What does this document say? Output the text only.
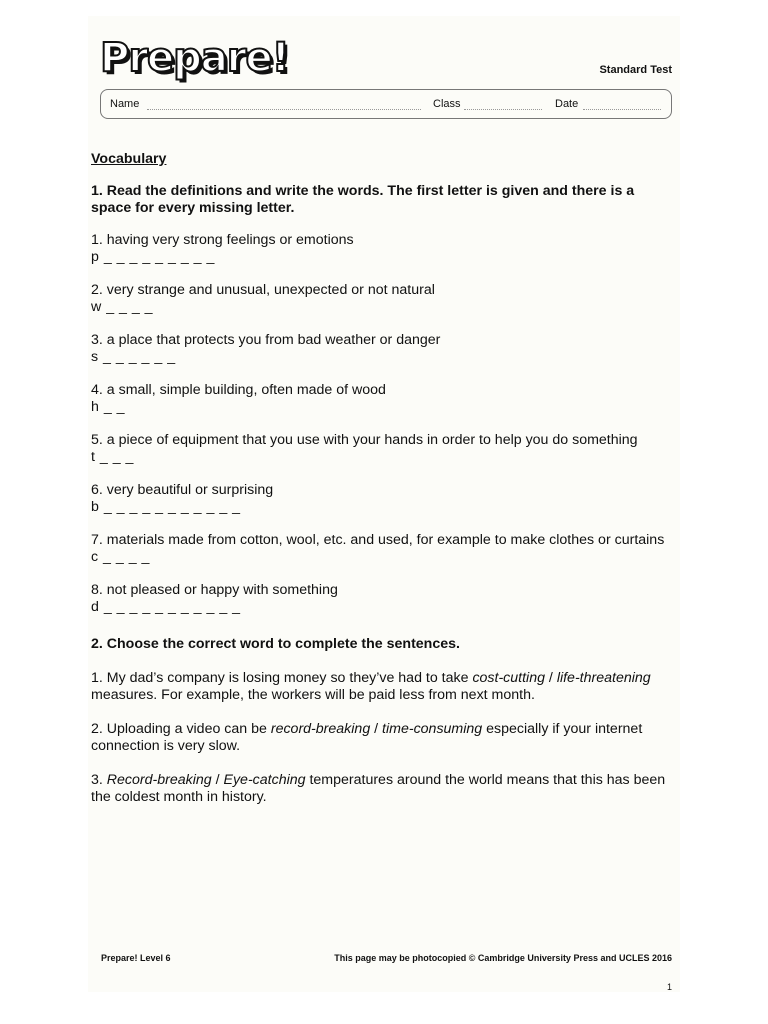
Prepare!	Standard Test
Name	Class	Date
Vocabulary
1. Read the definitions and write the words. The first letter is given and there is a space for every missing letter.
1. having very strong feelings or emotions
p _ _ _ _ _ _ _ _ _
2. very strange and unusual, unexpected or not natural
w _ _ _ _
3. a place that protects you from bad weather or danger
s _ _ _ _ _ _
4. a small, simple building, often made of wood
h _ _
5. a piece of equipment that you use with your hands in order to help you do something
t _ _ _
6. very beautiful or surprising
b _ _ _ _ _ _ _ _ _ _ _
7. materials made from cotton, wool, etc. and used, for example to make clothes or curtains
c _ _ _ _
8. not pleased or happy with something
d _ _ _ _ _ _ _ _ _ _ _
2. Choose the correct word to complete the sentences.
1. My dad’s company is losing money so they’ve had to take cost-cutting / life-threatening measures. For example, the workers will be paid less from next month.
2. Uploading a video can be record-breaking / time-consuming especially if your internet connection is very slow.
3. Record-breaking / Eye-catching temperatures around the world means that this has been the coldest month in history.
Prepare! Level 6	This page may be photocopied © Cambridge University Press and UCLES 2016
1
